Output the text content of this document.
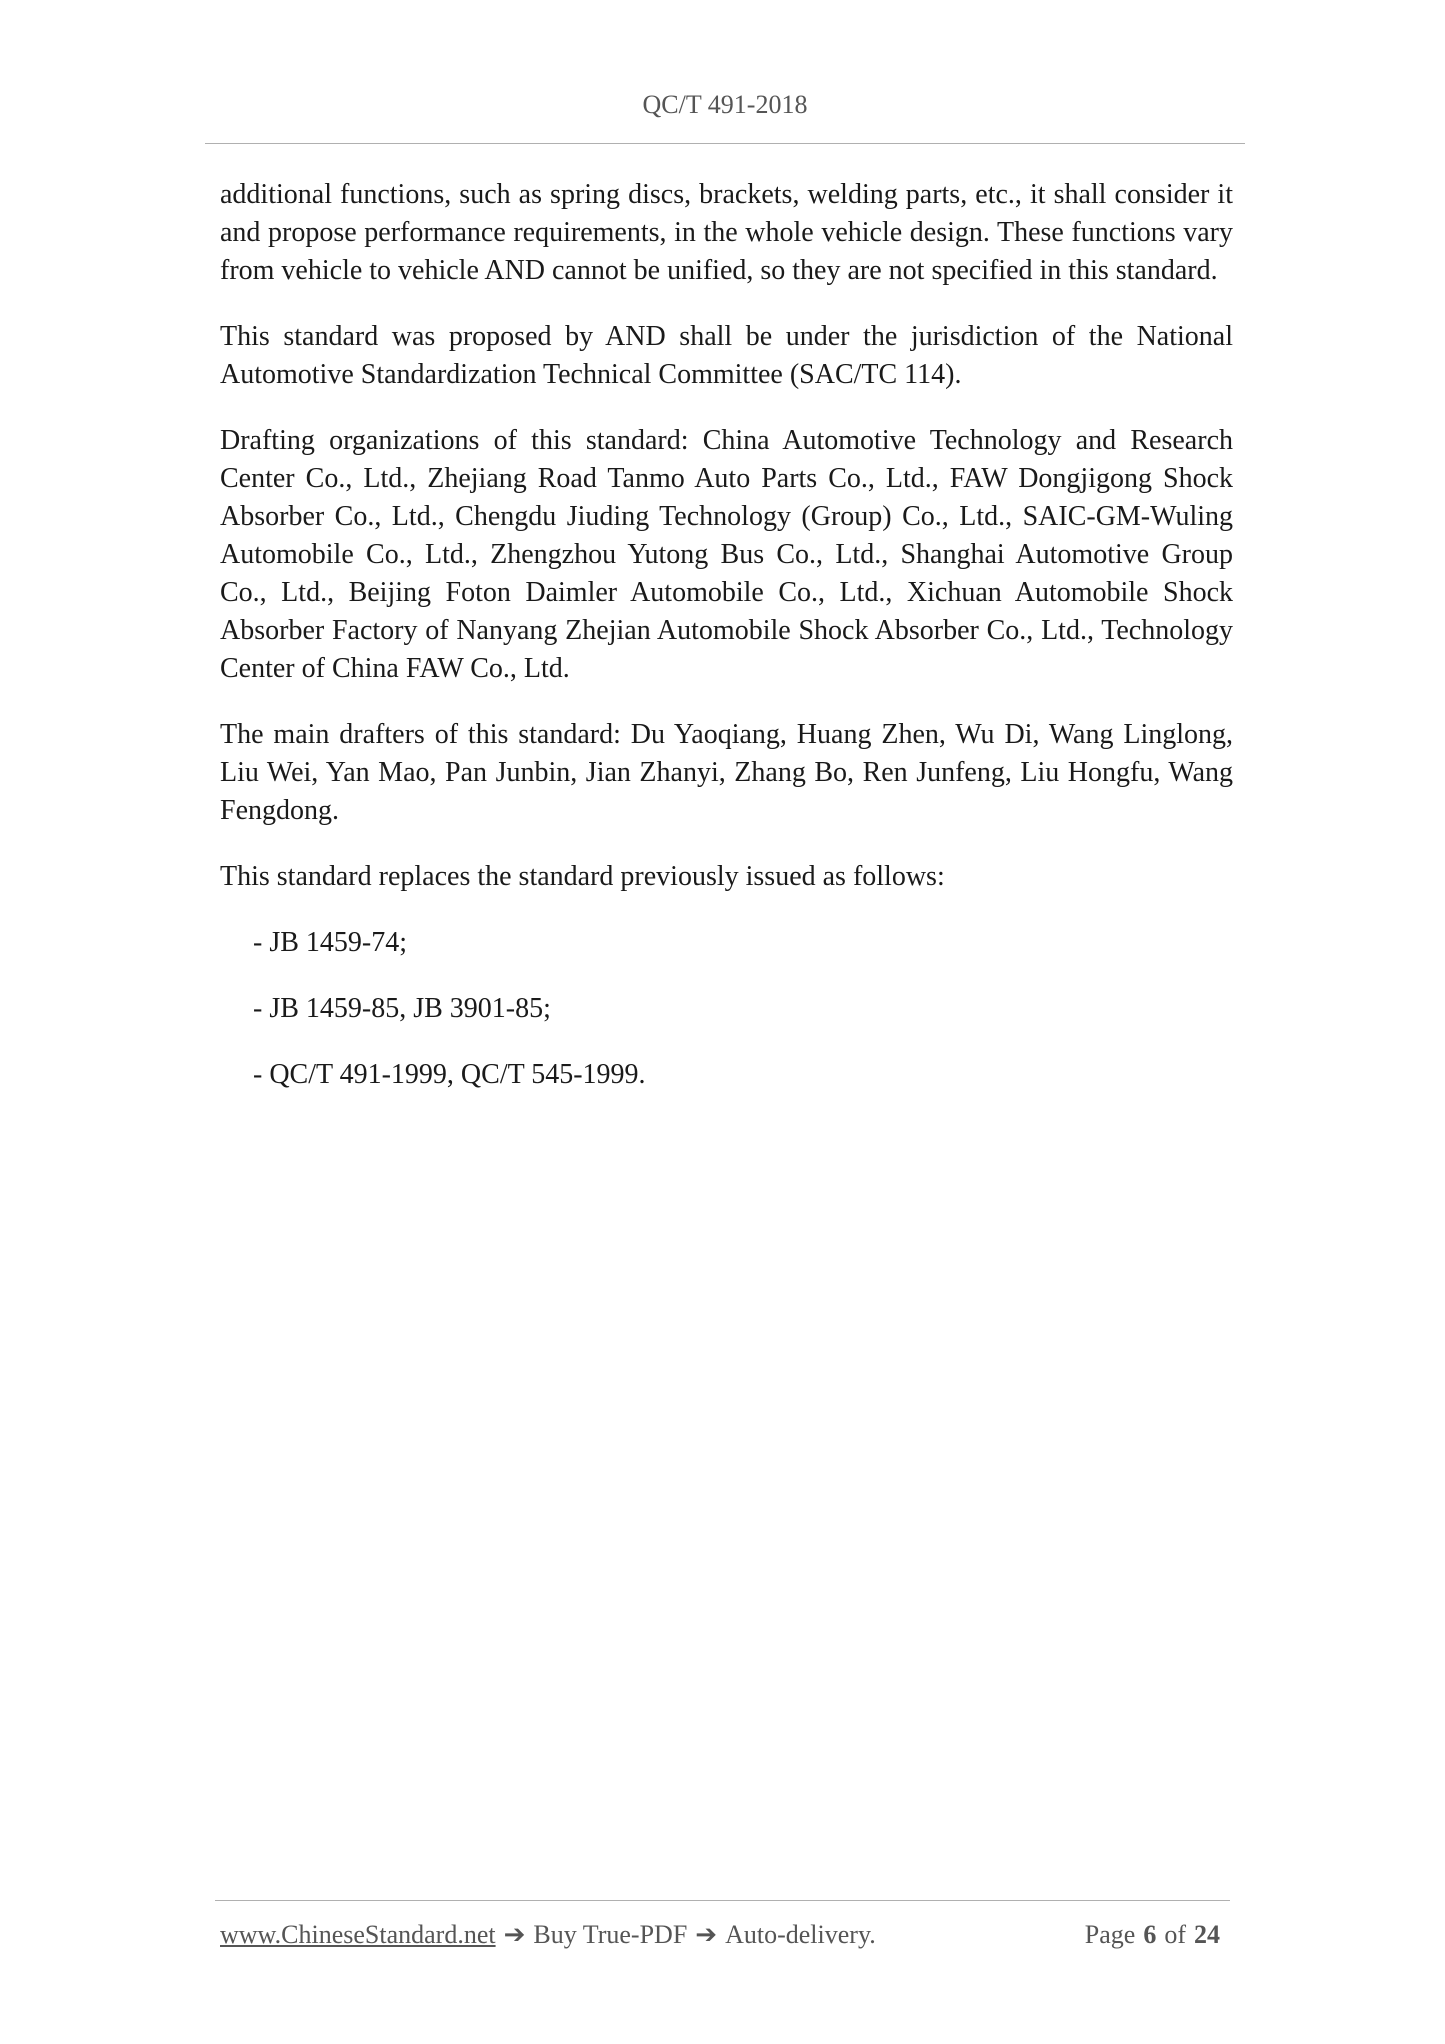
QC/T 491-2018

additional functions, such as spring discs, brackets, welding parts, etc., it shall consider it and propose performance requirements, in the whole vehicle design. These functions vary from vehicle to vehicle AND cannot be unified, so they are not specified in this standard.

This standard was proposed by AND shall be under the jurisdiction of the National Automotive Standardization Technical Committee (SAC/TC 114).

Drafting organizations of this standard: China Automotive Technology and Research Center Co., Ltd., Zhejiang Road Tanmo Auto Parts Co., Ltd., FAW Dongjigong Shock Absorber Co., Ltd., Chengdu Jiuding Technology (Group) Co., Ltd., SAIC-GM-Wuling Automobile Co., Ltd., Zhengzhou Yutong Bus Co., Ltd., Shanghai Automotive Group Co., Ltd., Beijing Foton Daimler Automobile Co., Ltd., Xichuan Automobile Shock Absorber Factory of Nanyang Zhejian Automobile Shock Absorber Co., Ltd., Technology Center of China FAW Co., Ltd.

The main drafters of this standard: Du Yaoqiang, Huang Zhen, Wu Di, Wang Linglong, Liu Wei, Yan Mao, Pan Junbin, Jian Zhanyi, Zhang Bo, Ren Junfeng, Liu Hongfu, Wang Fengdong.

This standard replaces the standard previously issued as follows:

- JB 1459-74;
- JB 1459-85, JB 3901-85;
- QC/T 491-1999, QC/T 545-1999.
www.ChineseStandard.net ➔ Buy True-PDF ➔ Auto-delivery.	Page 6 of 24
